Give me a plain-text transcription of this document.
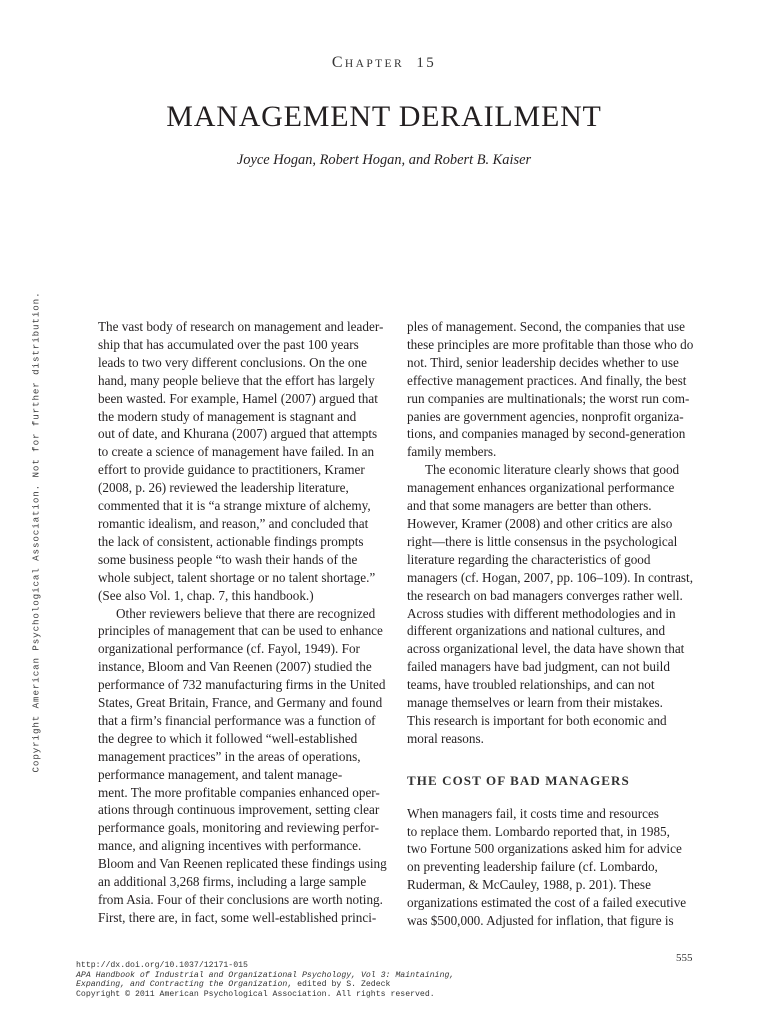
Copyright American Psychological Association. Not for further distribution.
CHAPTER 15
MANAGEMENT DERAILMENT
Joyce Hogan, Robert Hogan, and Robert B. Kaiser

The vast body of research on management and leader-
ship that has accumulated over the past 100 years
leads to two very different conclusions. On the one
hand, many people believe that the effort has largely
been wasted. For example, Hamel (2007) argued that
the modern study of management is stagnant and
out of date, and Khurana (2007) argued that attempts
to create a science of management have failed. In an
effort to provide guidance to practitioners, Kramer
(2008, p. 26) reviewed the leadership literature,
commented that it is “a strange mixture of alchemy,
romantic idealism, and reason,” and concluded that
the lack of consistent, actionable findings prompts
some business people “to wash their hands of the
whole subject, talent shortage or no talent shortage.”
(See also Vol. 1, chap. 7, this handbook.)

Other reviewers believe that there are recognized
principles of management that can be used to enhance
organizational performance (cf. Fayol, 1949). For
instance, Bloom and Van Reenen (2007) studied the
performance of 732 manufacturing firms in the United
States, Great Britain, France, and Germany and found
that a firm’s financial performance was a function of
the degree to which it followed “well-established
management practices” in the areas of operations,
performance management, and talent manage-
ment. The more profitable companies enhanced oper-
ations through continuous improvement, setting clear
performance goals, monitoring and reviewing perfor-
mance, and aligning incentives with performance.
Bloom and Van Reenen replicated these findings using
an additional 3,268 firms, including a large sample
from Asia. Four of their conclusions are worth noting.
First, there are, in fact, some well-established princi-

ples of management. Second, the companies that use
these principles are more profitable than those who do
not. Third, senior leadership decides whether to use
effective management practices. And finally, the best
run companies are multinationals; the worst run com-
panies are government agencies, nonprofit organiza-
tions, and companies managed by second-generation
family members.

The economic literature clearly shows that good
management enhances organizational performance
and that some managers are better than others.
However, Kramer (2008) and other critics are also
right—there is little consensus in the psychological
literature regarding the characteristics of good
managers (cf. Hogan, 2007, pp. 106–109). In contrast,
the research on bad managers converges rather well.
Across studies with different methodologies and in
different organizations and national cultures, and
across organizational level, the data have shown that
failed managers have bad judgment, can not build
teams, have troubled relationships, and can not
manage themselves or learn from their mistakes.
This research is important for both economic and
moral reasons.

THE COST OF BAD MANAGERS

When managers fail, it costs time and resources
to replace them. Lombardo reported that, in 1985,
two Fortune 500 organizations asked him for advice
on preventing leadership failure (cf. Lombardo,
Ruderman, & McCauley, 1988, p. 201). These
organizations estimated the cost of a failed executive
was $500,000. Adjusted for inflation, that figure is

555
http://dx.doi.org/10.1037/12171-015
APA Handbook of Industrial and Organizational Psychology, Vol 3: Maintaining,
Expanding, and Contracting the Organization, edited by S. Zedeck
Copyright © 2011 American Psychological Association. All rights reserved.
